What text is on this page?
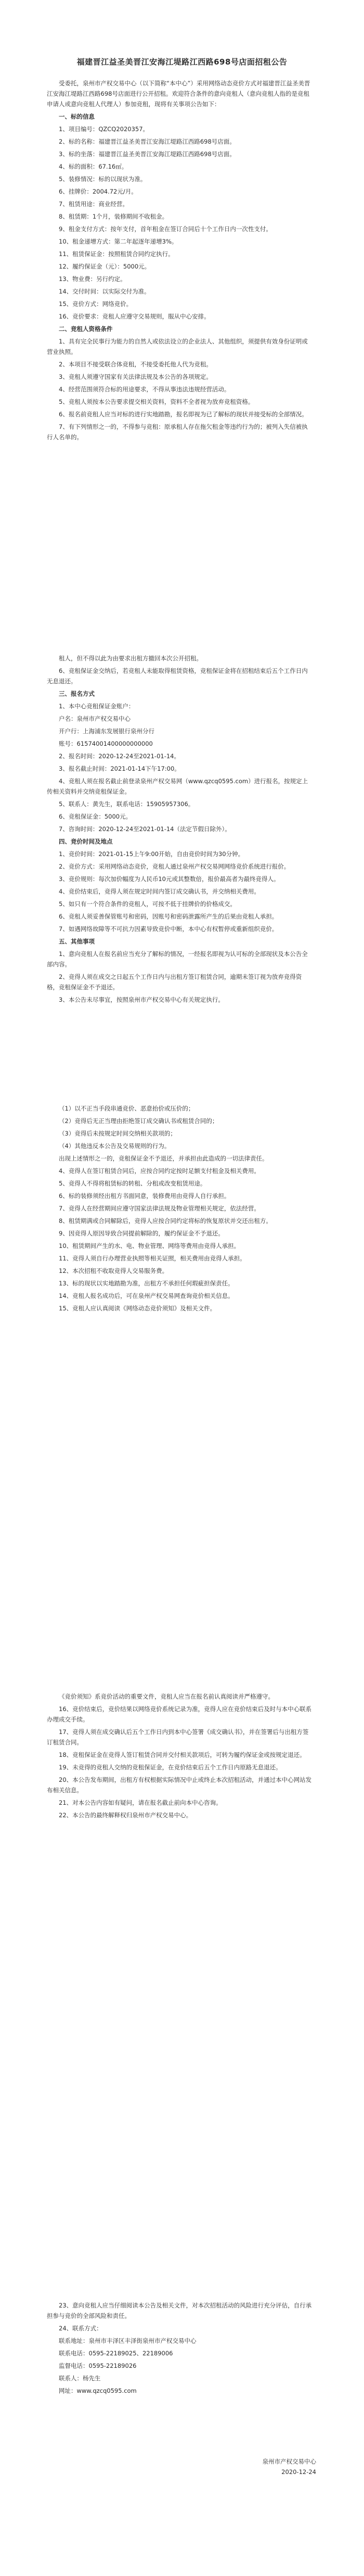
福建晋江益圣美晋江安海江堤路江西路698号店面招租公告

受委托，泉州市产权交易中心（以下简称“本中心”）采用网络动态竞价方式对福建晋江益圣美晋江安海江堤路江西路698号店面进行公开招租。欢迎符合条件的意向竞租人（意向竞租人指的是竞租申请人或意向竞租人代理人）参加竞租，现将有关事项公告如下：

一、标的信息

1、项目编号：QZCQ2020357。

2、标的名称：福建晋江益圣美晋江安海江堤路江西路698号店面。

3、标的坐落：福建晋江益圣美晋江安海江堤路江西路698号店面。

4、标的面积：67.16㎡。

5、装修情况：标的以现状为准。

6、挂牌价：2004.72元/月。

7、租赁用途：商业经营。

8、租赁期：1个月，装修期间不收租金。

9、租金支付方式：按年支付，首年租金在签订合同后十个工作日内一次性支付。

10、租金递增方式：第二年起逐年递增3%。

11、租赁保证金：按照租赁合同约定执行。

12、履约保证金（元）：5000元。

13、物业费：另行约定。

14、交付时间：以实际交付为准。

15、竞价方式：网络竞价。

16、竞价要求：竞租人应遵守交易规则，服从中心安排。

二、竞租人资格条件

1、具有完全民事行为能力的自然人或依法设立的企业法人、其他组织，须提供有效身份证明或营业执照。

2、本项目不接受联合体竞租，不接受委托他人代为竞租。

3、竞租人须遵守国家有关法律法规及本公告的各项规定。

4、经营范围须符合标的用途要求，不得从事违法违规经营活动。

5、竞租人须按本公告要求提交相关资料，资料不全者视为放弃竞租资格。

6、报名前竞租人应当对标的进行实地踏勘，报名即视为已了解标的现状并接受标的全部情况。

7、有下列情形之一的，不得参与竞租：原承租人存在拖欠租金等违约行为的；被列入失信被执行人名单的。

租人，但不得以此为由要求出租方撤回本次公开招租。

6、竞租保证金交纳后，若竞租人未能取得租赁资格，竞租保证金将在招租结束后五个工作日内无息退还。

三、报名方式

1、本中心竞租保证金账户：

户名：泉州市产权交易中心

开户行：上海浦东发展银行泉州分行

账号：61574001400000000000

2、报名时间：2020-12-24至2021-01-14。

3、报名截止时间：2021-01-14下午17:00。

4、竞租人须在报名截止前登录泉州产权交易网（www.qzcq0595.com）进行报名，按规定上传相关资料并交纳竞租保证金。

5、联系人：黄先生，联系电话：15905957306。

6、竞租保证金：5000元。

7、咨询时间：2020-12-24至2021-01-14（法定节假日除外）。

四、竞价时间及地点

1、竞价时间：2021-01-15上午9:00开始，自由竞价时间为30分钟。

2、竞价方式：采用网络动态竞价，竞租人通过泉州产权交易网网络竞价系统进行报价。

3、竞价规则：每次加价幅度为人民币10元或其整数倍，报价最高者为最终竞得人。

4、竞价结束后，竞得人须在规定时间内签订成交确认书，并交纳相关费用。

5、如只有一个符合条件的竞租人，可按不低于挂牌价的价格成交。

6、竞租人须妥善保管账号和密码，因账号和密码泄露所产生的后果由竞租人承担。

7、如遇网络故障等不可抗力因素导致竞价中断，本中心有权暂停或重新组织竞价。

五、其他事项

1、意向竞租人在报名前应当充分了解标的情况，一经报名即视为认可标的全部现状及本公告全部内容。

2、竞得人须在成交之日起五个工作日内与出租方签订租赁合同，逾期未签订视为放弃竞得资格，竞租保证金不予退还。

3、本公告未尽事宜，按照泉州市产权交易中心有关规定执行。

（1）以不正当手段串通竞价、恶意抬价或压价的；

（2）竞得后无正当理由拒绝签订成交确认书或租赁合同的；

（3）竞得后未按规定时间交纳相关款项的；

（4）其他违反本公告及交易规则的行为。

出现上述情形之一的，竞租保证金不予退还，并承担由此造成的一切法律责任。

4、竞得人在签订租赁合同后，应按合同约定按时足额支付租金及相关费用。

5、竞得人不得将租赁标的转租、分租或改变租赁用途。

6、标的装修须经出租方书面同意，装修费用由竞得人自行承担。

7、竞得人在经营期间应遵守国家法律法规及物业管理相关规定，依法经营。

8、租赁期满或合同解除后，竞得人应按合同约定将标的恢复原状并交还出租方。

9、因竞得人原因导致合同提前解除的，履约保证金不予退还。

10、租赁期间产生的水、电、物业管理、网络等费用由竞得人承担。

11、竞得人须自行办理营业执照等相关证照，相关费用由竞得人承担。

12、本次招租不收取竞得人交易服务费。

13、标的现状以实地踏勘为准，出租方不承担任何瑕疵担保责任。

14、竞租人报名成功后，可在泉州产权交易网查询竞价相关信息。

15、竞租人应认真阅读《网络动态竞价须知》及相关文件。

《竞价须知》系竞价活动的重要文件，竞租人应当在报名前认真阅读并严格遵守。

16、竞价结束后，竞价结果以网络竞价系统记录为准，竞得人应在竞价结束后及时与本中心联系办理成交手续。

17、竞得人须在成交确认后五个工作日内到本中心签署《成交确认书》，并在签署后与出租方签订租赁合同。

18、竞租保证金在竞得人签订租赁合同并交付相关款项后，可转为履约保证金或按规定退还。

19、未竞得的竞租人交纳的竞租保证金，在竞价结束后五个工作日内原路无息退还。

20、本公告发布期间，出租方有权根据实际情况中止或终止本次招租活动，并通过本中心网站发布相关信息。

21、对本公告内容如有疑问，请在报名截止前向本中心咨询。

22、本公告的最终解释权归泉州市产权交易中心。

23、意向竞租人应当仔细阅读本公告及相关文件，对本次招租活动的风险进行充分评估，自行承担参与竞价的全部风险和责任。

24、联系方式：

联系地址：泉州市丰泽区丰泽街泉州市产权交易中心

联系电话：0595-22189025、22189006

监督电话：0595-22189026

联系人：杨先生

网址：www.qzcq0595.com

泉州市产权交易中心
2020-12-24
